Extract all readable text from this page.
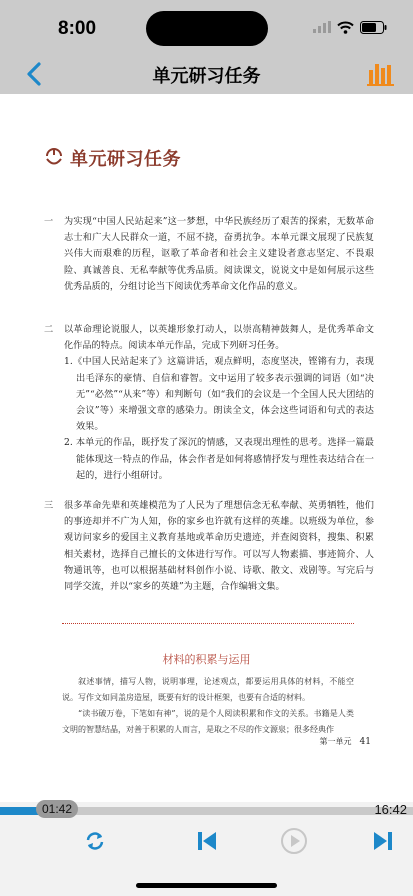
8:00
单元研习任务
单元研习任务
一 为实现“中国人民站起来”这一梦想，中华民族经历了艰苦的探索，无数革命志士和广大人民群众一道，不屈不挠，奋勇抗争。本单元课文展现了民族复兴伟大而艰难的历程，讴歌了革命者和社会主义建设者意志坚定、不畏艰险、真诚善良、无私奉献等优秀品质。阅读课文，说说文中是如何展示这些优秀品质的，分组讨论当下阅读优秀革命文化作品的意义。
二 以革命理论说服人，以英雄形象打动人，以崇高精神鼓舞人，是优秀革命文化作品的特点。阅读本单元作品，完成下列研习任务。
1.《中国人民站起来了》这篇讲话，观点鲜明，态度坚决，铿锵有力，表现出毛泽东的豪情、自信和睿智。文中运用了较多表示强调的词语（如“决无”“必然”“从来”等）和判断句（如“我们的会议是一个全国人民大团结的会议”等）来增强文章的感染力。朗读全文，体会这些词语和句式的表达效果。
2. 本单元的作品，既抒发了深沉的情感，又表现出理性的思考。选择一篇最能体现这一特点的作品，体会作者是如何将感情抒发与理性表达结合在一起的，进行小组研讨。
三 很多革命先辈和英雄模范为了人民为了理想信念无私奉献、英勇牺牲，他们的事迹却并不广为人知，你的家乡也许就有这样的英雄。以班级为单位，参观访问家乡的爱国主义教育基地或革命历史遗迹，并查阅资料，搜集、积累相关素材，选择自己擅长的文体进行写作。可以写人物素描、事迹简介、人物通讯等，也可以根据基础材料创作小说、诗歌、散文、戏剧等。写完后与同学交流，并以“家乡的英雄”为主题，合作编辑文集。
材料的积累与运用
叙述事情，描写人物，说明事理，论述观点，都要运用具体的材料，不能空说。写作文如同盖房造屋，既要有好的设计框架，也要有合适的材料。
“读书破万卷，下笔如有神”，说的是个人阅读积累和作文的关系。书籍是人类文明的智慧结晶，对善于积累的人而言，是取之不尽的作文源泉；很多经典作
第一单元 41
01:42	16:42
